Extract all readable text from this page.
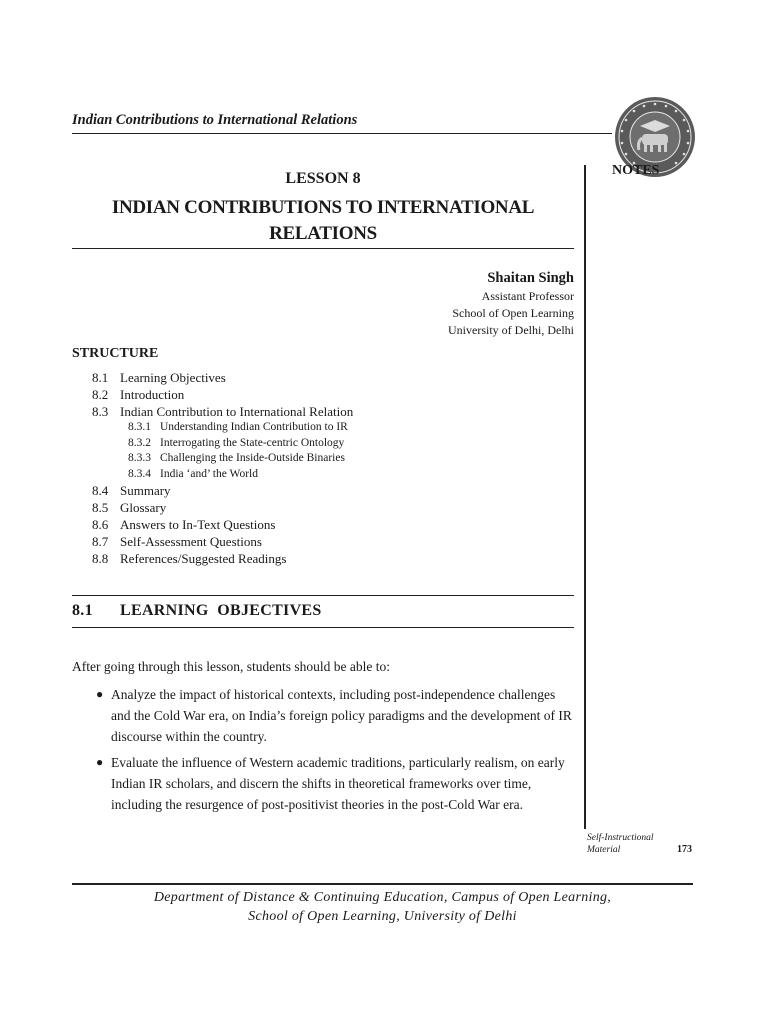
Indian Contributions to International Relations
NOTES
LESSON 8
INDIAN CONTRIBUTIONS TO INTERNATIONAL RELATIONS
Shaitan Singh
Assistant Professor
School of Open Learning
University of Delhi, Delhi
STRUCTURE
8.1 Learning Objectives
8.2 Introduction
8.3 Indian Contribution to International Relation
8.3.1 Understanding Indian Contribution to IR
8.3.2 Interrogating the State-centric Ontology
8.3.3 Challenging the Inside-Outside Binaries
8.3.4 India ‘and’ the World
8.4 Summary
8.5 Glossary
8.6 Answers to In-Text Questions
8.7 Self-Assessment Questions
8.8 References/Suggested Readings
8.1 LEARNING  OBJECTIVES
After going through this lesson, students should be able to:
● Analyze the impact of historical contexts, including post-independence challenges and the Cold War era, on India’s foreign policy paradigms and the development of IR discourse within the country.
● Evaluate the influence of Western academic traditions, particularly realism, on early Indian IR scholars, and discern the shifts in theoretical frameworks over time, including the resurgence of post-positivist theories in the post-Cold War era.
Self-Instructional
Material	173
Department of Distance & Continuing Education, Campus of Open Learning,
School of Open Learning, University of Delhi
